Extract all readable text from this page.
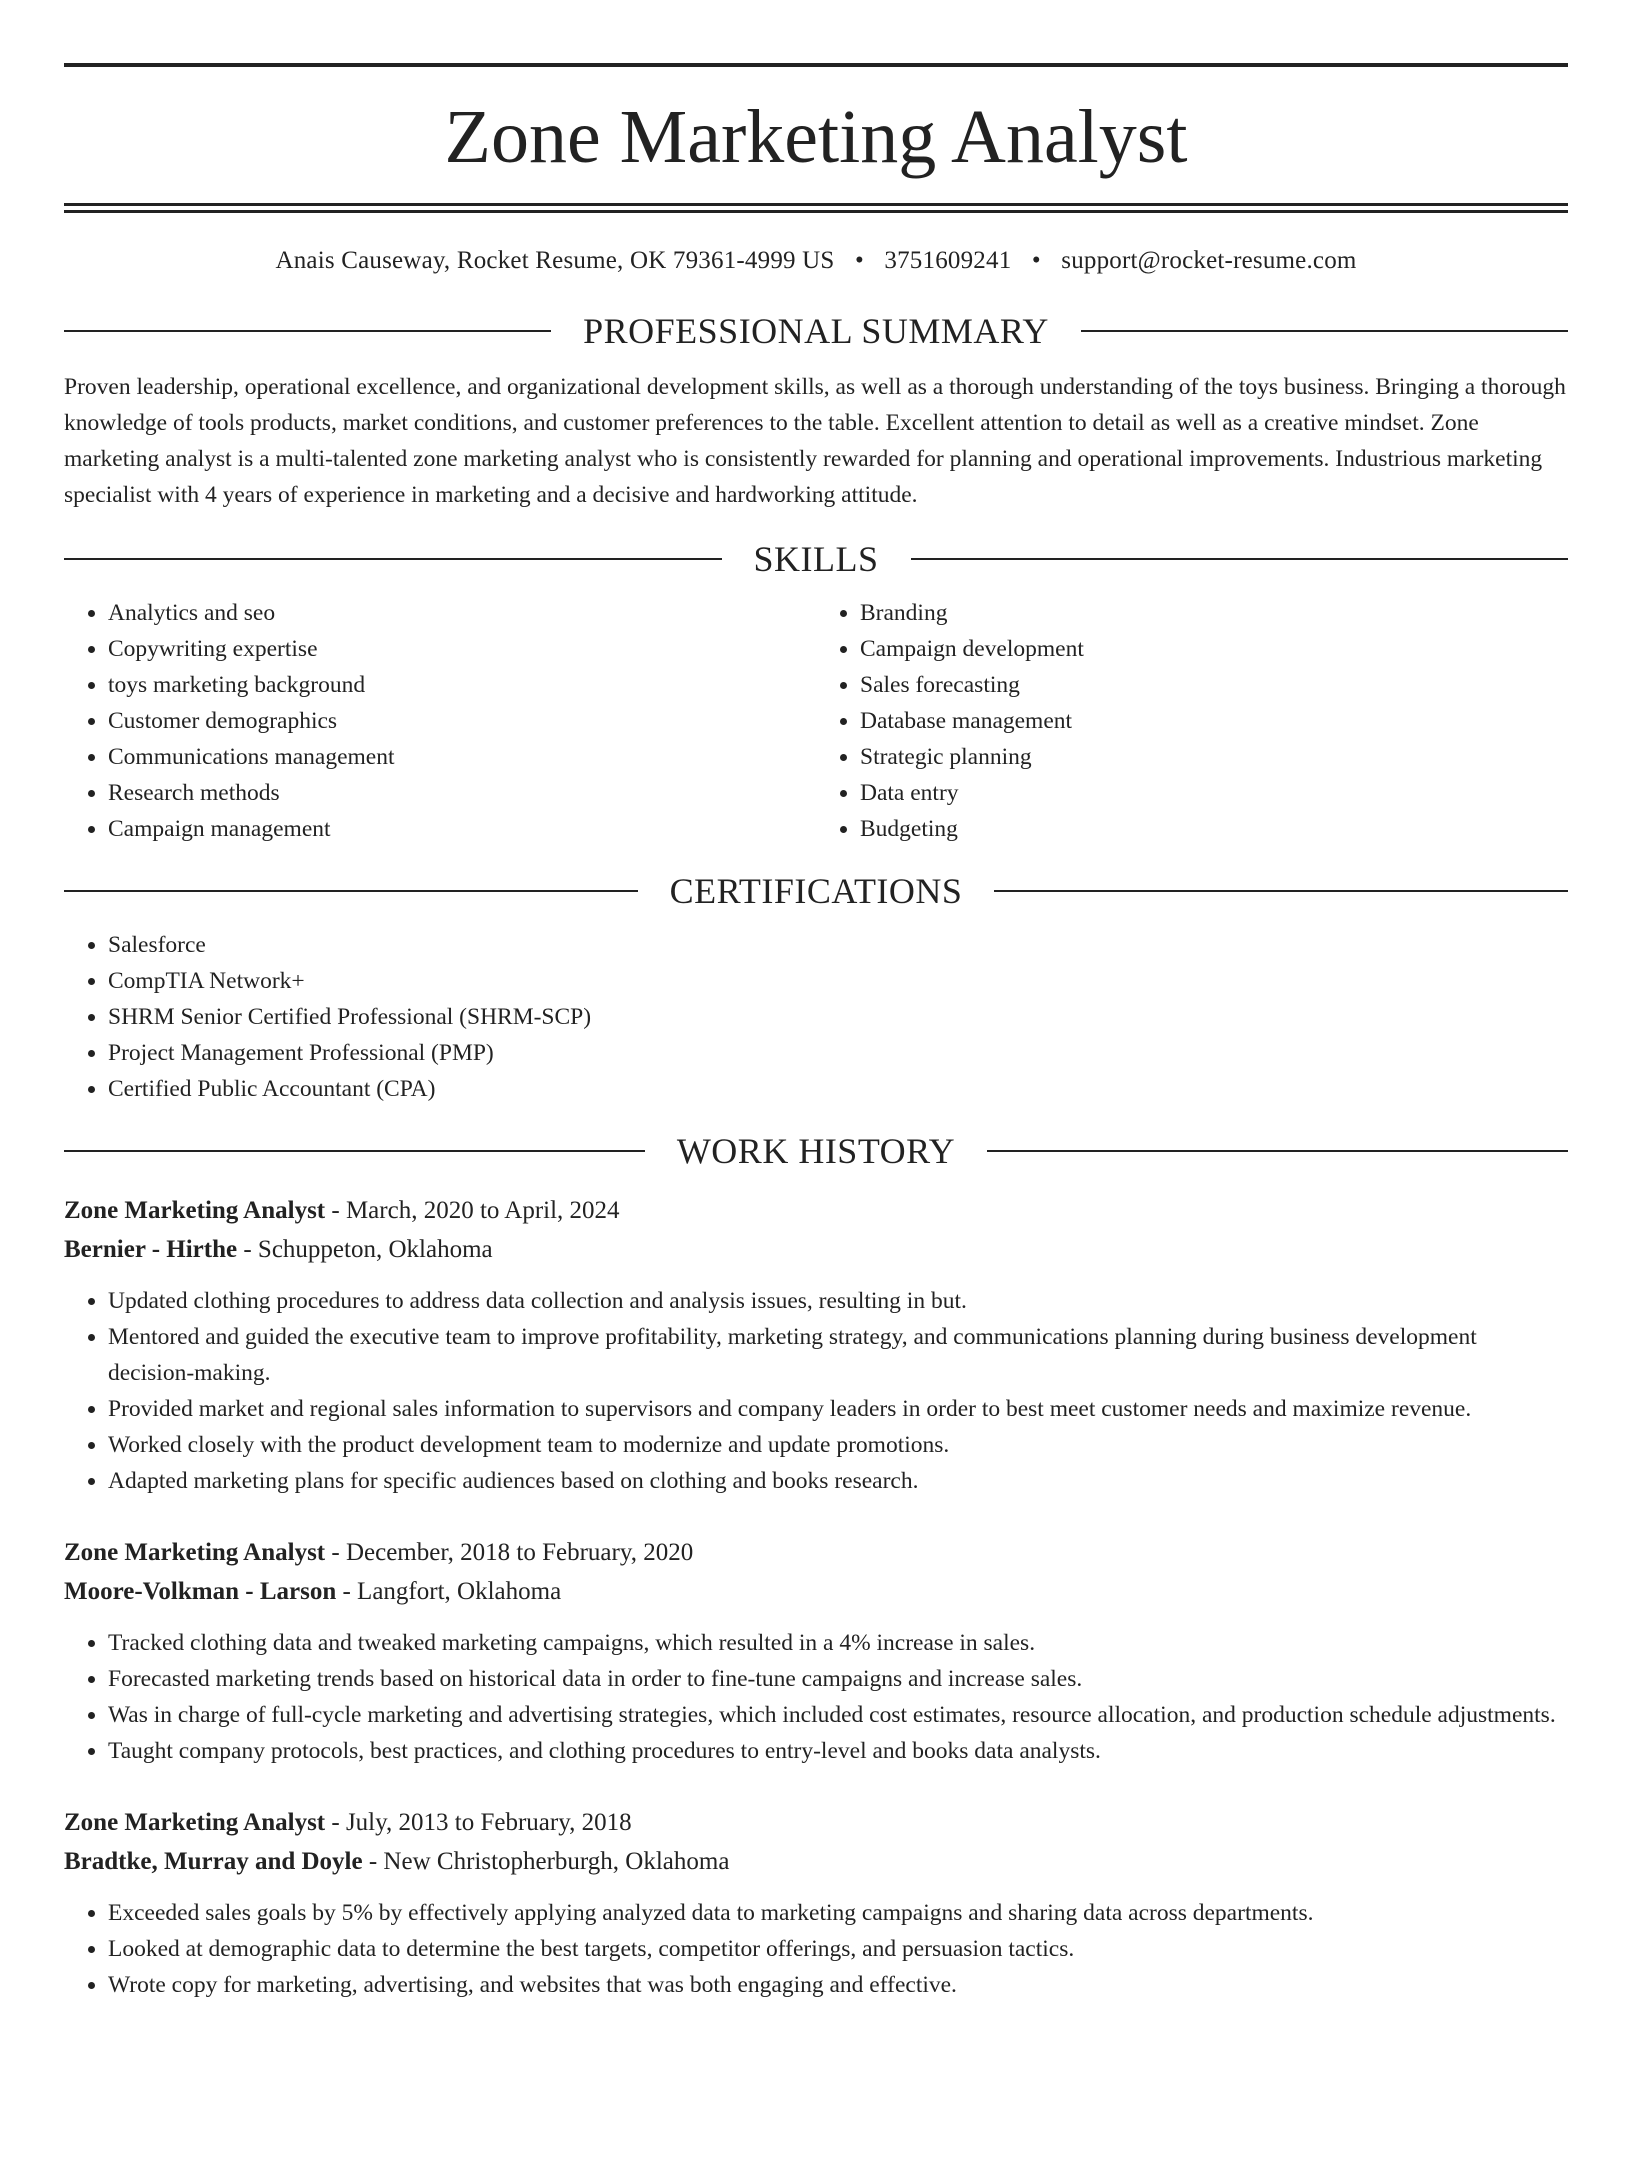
Zone Marketing Analyst
Anais Causeway, Rocket Resume, OK 79361-4999 US • 3751609241 • support@rocket-resume.com
PROFESSIONAL SUMMARY
Proven leadership, operational excellence, and organizational development skills, as well as a thorough understanding of the toys business. Bringing a thorough knowledge of tools products, market conditions, and customer preferences to the table. Excellent attention to detail as well as a creative mindset. Zone marketing analyst is a multi-talented zone marketing analyst who is consistently rewarded for planning and operational improvements. Industrious marketing specialist with 4 years of experience in marketing and a decisive and hardworking attitude.
SKILLS
• Analytics and seo
• Copywriting expertise
• toys marketing background
• Customer demographics
• Communications management
• Research methods
• Campaign management
• Branding
• Campaign development
• Sales forecasting
• Database management
• Strategic planning
• Data entry
• Budgeting
CERTIFICATIONS
• Salesforce
• CompTIA Network+
• SHRM Senior Certified Professional (SHRM-SCP)
• Project Management Professional (PMP)
• Certified Public Accountant (CPA)
WORK HISTORY
Zone Marketing Analyst - March, 2020 to April, 2024
Bernier - Hirthe - Schuppeton, Oklahoma
• Updated clothing procedures to address data collection and analysis issues, resulting in but.
• Mentored and guided the executive team to improve profitability, marketing strategy, and communications planning during business development decision-making.
• Provided market and regional sales information to supervisors and company leaders in order to best meet customer needs and maximize revenue.
• Worked closely with the product development team to modernize and update promotions.
• Adapted marketing plans for specific audiences based on clothing and books research.
Zone Marketing Analyst - December, 2018 to February, 2020
Moore-Volkman - Larson - Langfort, Oklahoma
• Tracked clothing data and tweaked marketing campaigns, which resulted in a 4% increase in sales.
• Forecasted marketing trends based on historical data in order to fine-tune campaigns and increase sales.
• Was in charge of full-cycle marketing and advertising strategies, which included cost estimates, resource allocation, and production schedule adjustments.
• Taught company protocols, best practices, and clothing procedures to entry-level and books data analysts.
Zone Marketing Analyst - July, 2013 to February, 2018
Bradtke, Murray and Doyle - New Christopherburgh, Oklahoma
• Exceeded sales goals by 5% by effectively applying analyzed data to marketing campaigns and sharing data across departments.
• Looked at demographic data to determine the best targets, competitor offerings, and persuasion tactics.
• Wrote copy for marketing, advertising, and websites that was both engaging and effective.
